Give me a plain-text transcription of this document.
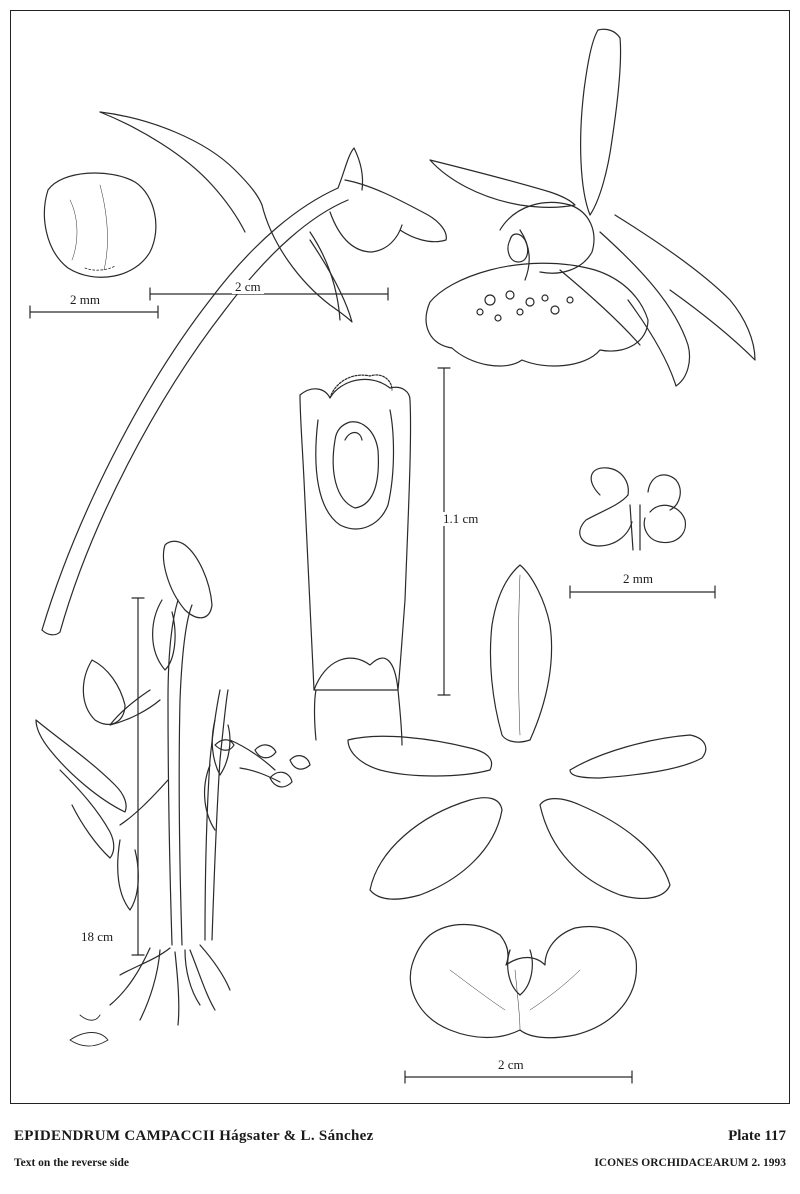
2 mm
2 cm
1.1 cm
2 mm
18 cm
2 cm
EPIDENDRUM CAMPACCII Hágsater & L. Sánchez	Plate 117
Text on the reverse side	ICONES ORCHIDACEARUM 2. 1993
